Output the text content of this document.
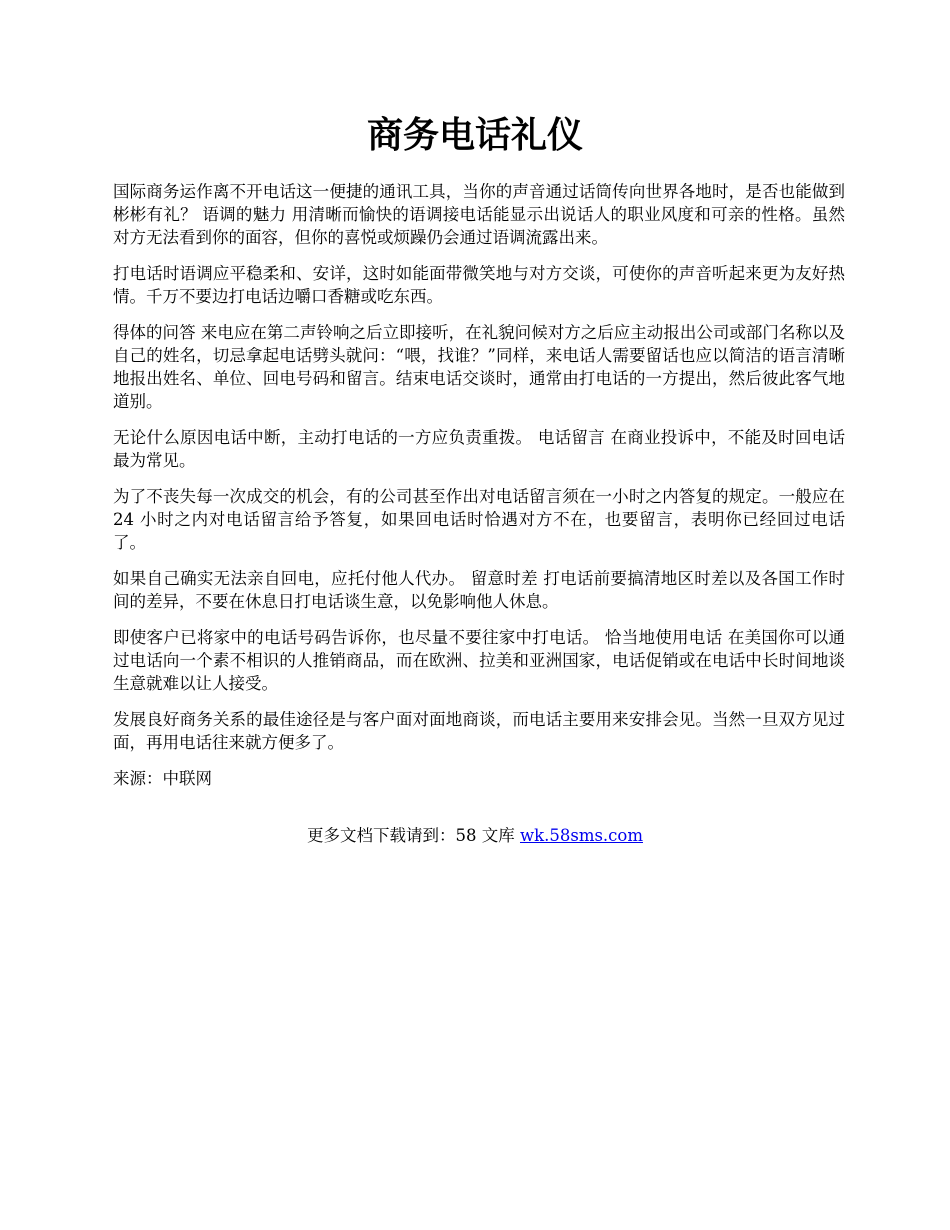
商务电话礼仪

国际商务运作离不开电话这一便捷的通讯工具，当你的声音通过话筒传向世界各地时，是否也能做到彬彬有礼？ 语调的魅力 用清晰而愉快的语调接电话能显示出说话人的职业风度和可亲的性格。虽然对方无法看到你的面容，但你的喜悦或烦躁仍会通过语调流露出来。

打电话时语调应平稳柔和、安详，这时如能面带微笑地与对方交谈，可使你的声音听起来更为友好热情。千万不要边打电话边嚼口香糖或吃东西。

得体的问答 来电应在第二声铃响之后立即接听，在礼貌问候对方之后应主动报出公司或部门名称以及自己的姓名，切忌拿起电话劈头就问：“喂，找谁？”同样，来电话人需要留话也应以简洁的语言清晰地报出姓名、单位、回电号码和留言。结束电话交谈时，通常由打电话的一方提出，然后彼此客气地道别。

无论什么原因电话中断，主动打电话的一方应负责重拨。 电话留言 在商业投诉中，不能及时回电话最为常见。

为了不丧失每一次成交的机会，有的公司甚至作出对电话留言须在一小时之内答复的规定。一般应在 24 小时之内对电话留言给予答复，如果回电话时恰遇对方不在，也要留言，表明你已经回过电话了。

如果自己确实无法亲自回电，应托付他人代办。 留意时差 打电话前要搞清地区时差以及各国工作时间的差异，不要在休息日打电话谈生意，以免影响他人休息。

即使客户已将家中的电话号码告诉你，也尽量不要往家中打电话。 恰当地使用电话 在美国你可以通过电话向一个素不相识的人推销商品，而在欧洲、拉美和亚洲国家，电话促销或在电话中长时间地谈生意就难以让人接受。

发展良好商务关系的最佳途径是与客户面对面地商谈，而电话主要用来安排会见。当然一旦双方见过面，再用电话往来就方便多了。

来源：中联网

更多文档下载请到：58 文库 wk.58sms.com
